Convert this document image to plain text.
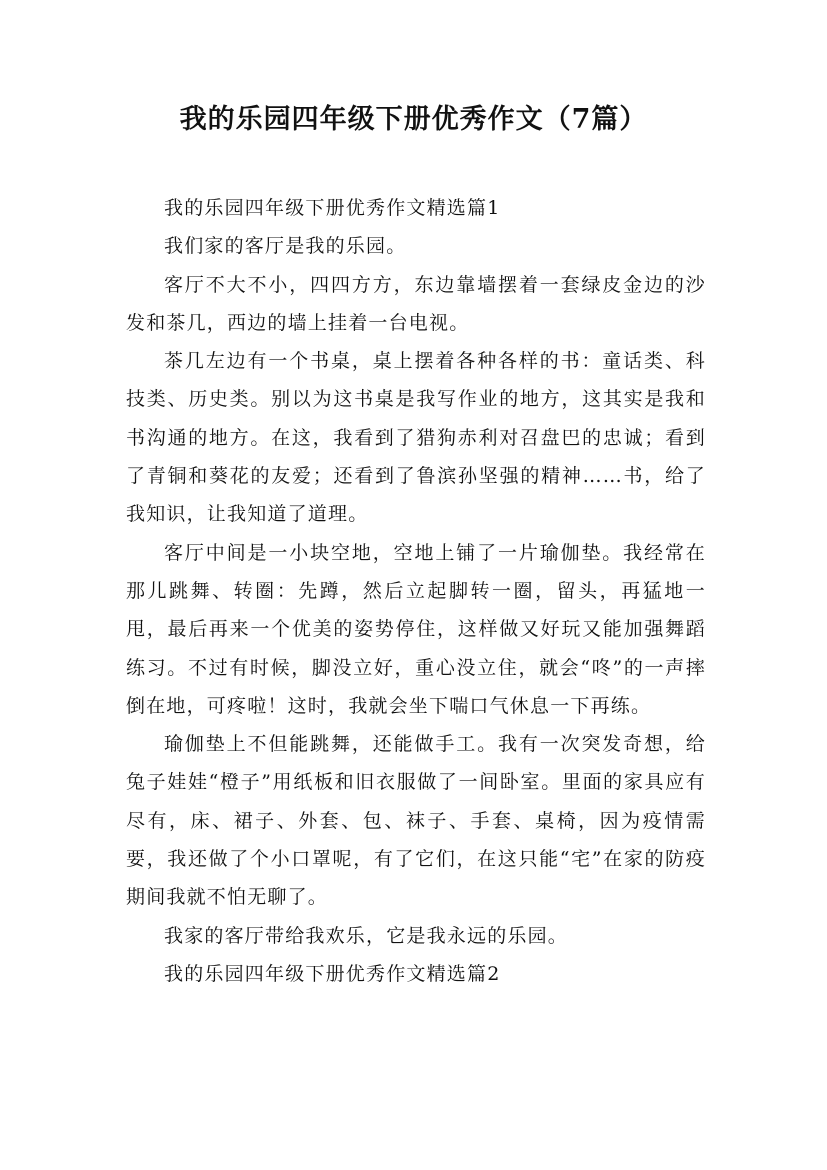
我的乐园四年级下册优秀作文（7篇）

我的乐园四年级下册优秀作文精选篇1

我们家的客厅是我的乐园。

客厅不大不小，四四方方，东边靠墙摆着一套绿皮金边的沙发和茶几，西边的墙上挂着一台电视。

茶几左边有一个书桌，桌上摆着各种各样的书：童话类、科技类、历史类。别以为这书桌是我写作业的地方，这其实是我和书沟通的地方。在这，我看到了猎狗赤利对召盘巴的忠诚；看到了青铜和葵花的友爱；还看到了鲁滨孙坚强的精神……书，给了我知识，让我知道了道理。

客厅中间是一小块空地，空地上铺了一片瑜伽垫。我经常在那儿跳舞、转圈：先蹲，然后立起脚转一圈，留头，再猛地一甩，最后再来一个优美的姿势停住，这样做又好玩又能加强舞蹈练习。不过有时候，脚没立好，重心没立住，就会“咚”的一声摔倒在地，可疼啦！这时，我就会坐下喘口气休息一下再练。

瑜伽垫上不但能跳舞，还能做手工。我有一次突发奇想，给兔子娃娃“橙子”用纸板和旧衣服做了一间卧室。里面的家具应有尽有，床、裙子、外套、包、袜子、手套、桌椅，因为疫情需要，我还做了个小口罩呢，有了它们，在这只能“宅”在家的防疫期间我就不怕无聊了。

我家的客厅带给我欢乐，它是我永远的乐园。

我的乐园四年级下册优秀作文精选篇2
